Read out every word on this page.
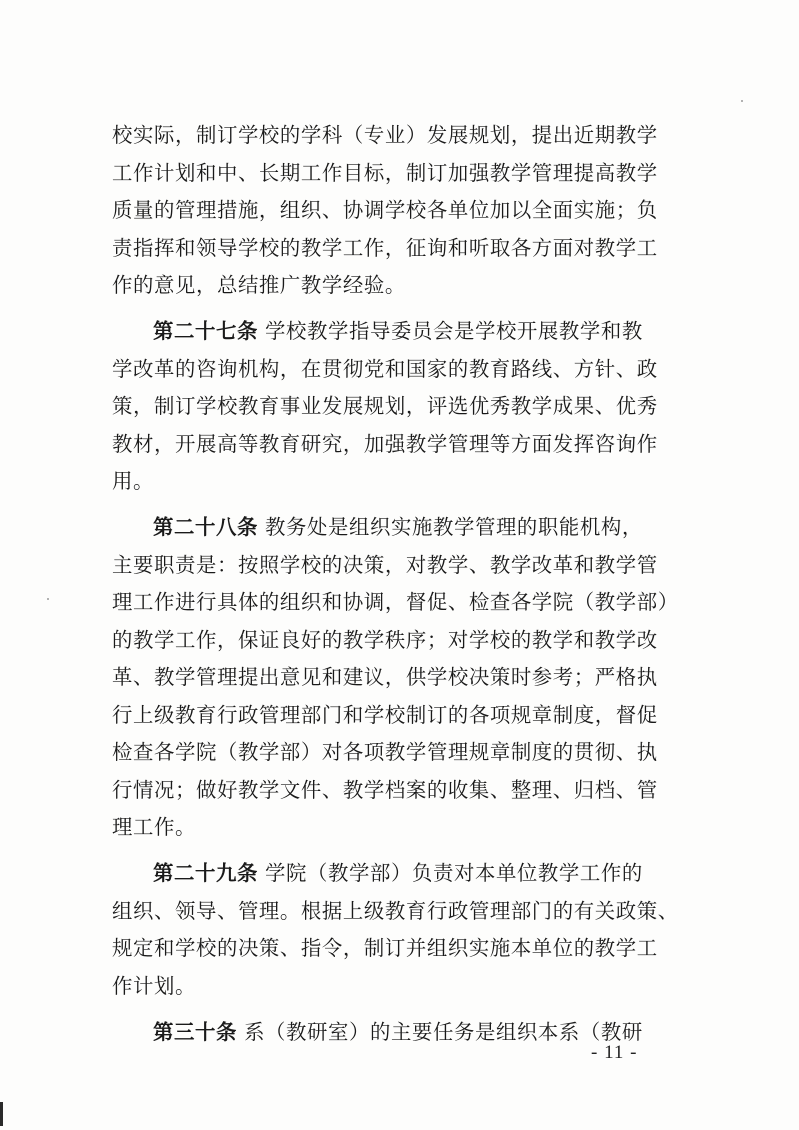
校实际，制订学校的学科（专业）发展规划，提出近期教学
工作计划和中、长期工作目标，制订加强教学管理提高教学
质量的管理措施，组织、协调学校各单位加以全面实施；负
责指挥和领导学校的教学工作，征询和听取各方面对教学工
作的意见，总结推广教学经验。
第二十七条 学校教学指导委员会是学校开展教学和教
学改革的咨询机构，在贯彻党和国家的教育路线、方针、政
策，制订学校教育事业发展规划，评选优秀教学成果、优秀
教材，开展高等教育研究，加强教学管理等方面发挥咨询作
用。
第二十八条 教务处是组织实施教学管理的职能机构，
主要职责是：按照学校的决策，对教学、教学改革和教学管
理工作进行具体的组织和协调，督促、检查各学院（教学部）
的教学工作，保证良好的教学秩序；对学校的教学和教学改
革、教学管理提出意见和建议，供学校决策时参考；严格执
行上级教育行政管理部门和学校制订的各项规章制度，督促
检查各学院（教学部）对各项教学管理规章制度的贯彻、执
行情况；做好教学文件、教学档案的收集、整理、归档、管
理工作。
第二十九条 学院（教学部）负责对本单位教学工作的
组织、领导、管理。根据上级教育行政管理部门的有关政策、
规定和学校的决策、指令，制订并组织实施本单位的教学工
作计划。
第三十条 系（教研室）的主要任务是组织本系（教研
- 11 -
